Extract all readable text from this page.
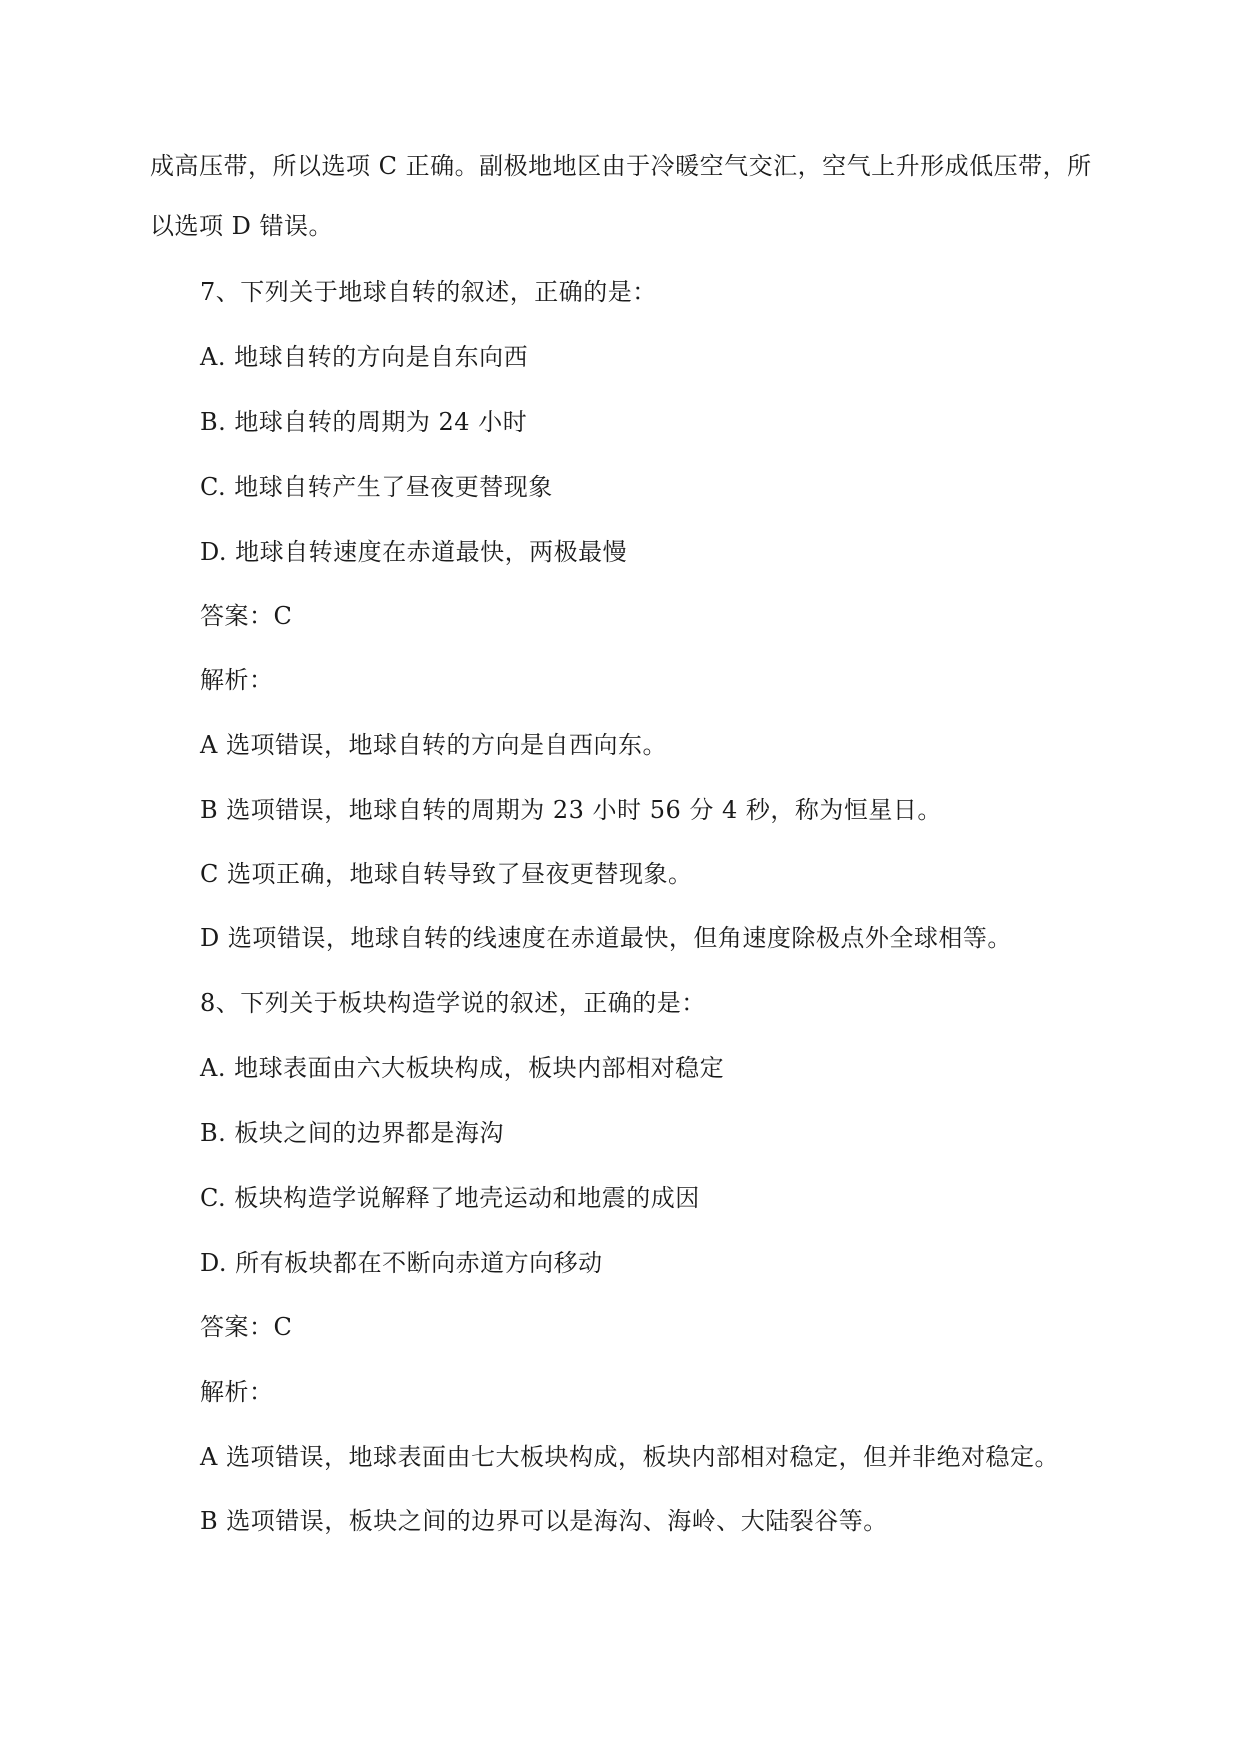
成高压带，所以选项 C 正确。副极地地区由于冷暖空气交汇，空气上升形成低压带，所
以选项 D 错误。
7、下列关于地球自转的叙述，正确的是：
A. 地球自转的方向是自东向西
B. 地球自转的周期为 24 小时
C. 地球自转产生了昼夜更替现象
D. 地球自转速度在赤道最快，两极最慢
答案：C
解析：
A 选项错误，地球自转的方向是自西向东。
B 选项错误，地球自转的周期为 23 小时 56 分 4 秒，称为恒星日。
C 选项正确，地球自转导致了昼夜更替现象。
D 选项错误，地球自转的线速度在赤道最快，但角速度除极点外全球相等。
8、下列关于板块构造学说的叙述，正确的是：
A. 地球表面由六大板块构成，板块内部相对稳定
B. 板块之间的边界都是海沟
C. 板块构造学说解释了地壳运动和地震的成因
D. 所有板块都在不断向赤道方向移动
答案：C
解析：
A 选项错误，地球表面由七大板块构成，板块内部相对稳定，但并非绝对稳定。
B 选项错误，板块之间的边界可以是海沟、海岭、大陆裂谷等。
